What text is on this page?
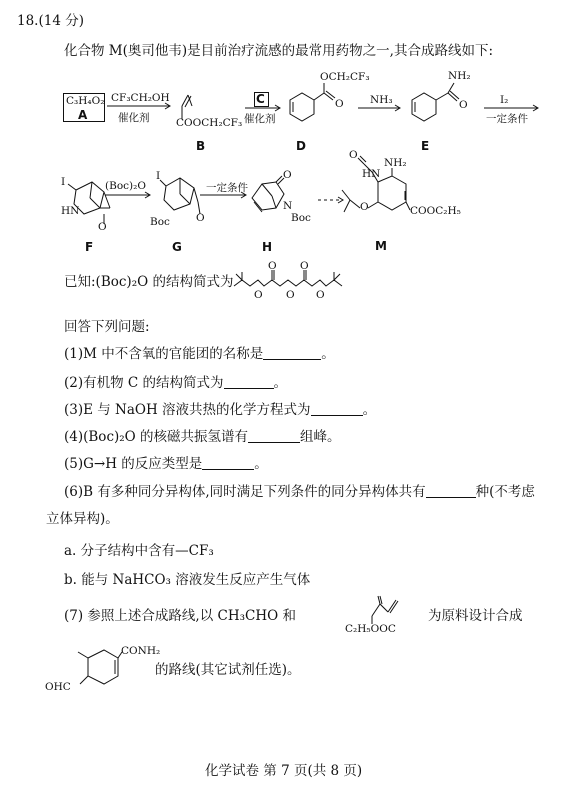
18.(14 分)
化合物 M(奥司他韦)是目前治疗流感的最常用药物之一,其合成路线如下:
C₃H₄O₂
A
CF₃CH₂OH
催化剂	COOCH₂CF₃
B
C
催化剂
OCH₂CF₃
O
D
NH₃
NH₂
O
E
I₂
一定条件
I
HN
O
F
(Boc)₂O
I
Boc O
G
一定条件
O
N
Boc
H
O
NH₂
HN
O	COOC₂H₅
M
已知:(Boc)₂O 的结构简式为
O O
O O O
回答下列问题:
(1)M 中不含氧的官能团的名称是	。
(2)有机物 C 的结构简式为	。
(3)E 与 NaOH 溶液共热的化学方程式为	。
(4)(Boc)₂O 的核磁共振氢谱有	组峰。
(5)G→H 的反应类型是	。
(6)B 有多种同分异构体,同时满足下列条件的同分异构体共有	种(不考虑
立体异构)。
a. 分子结构中含有—CF₃
b. 能与 NaHCO₃ 溶液发生反应产生气体
(7) 参照上述合成路线,以 CH₃CHO 和
C₂H₅OOC
为原料设计合成
CONH₂
OHC
的路线(其它试剂任选)。
化学试卷 第 7 页(共 8 页)
